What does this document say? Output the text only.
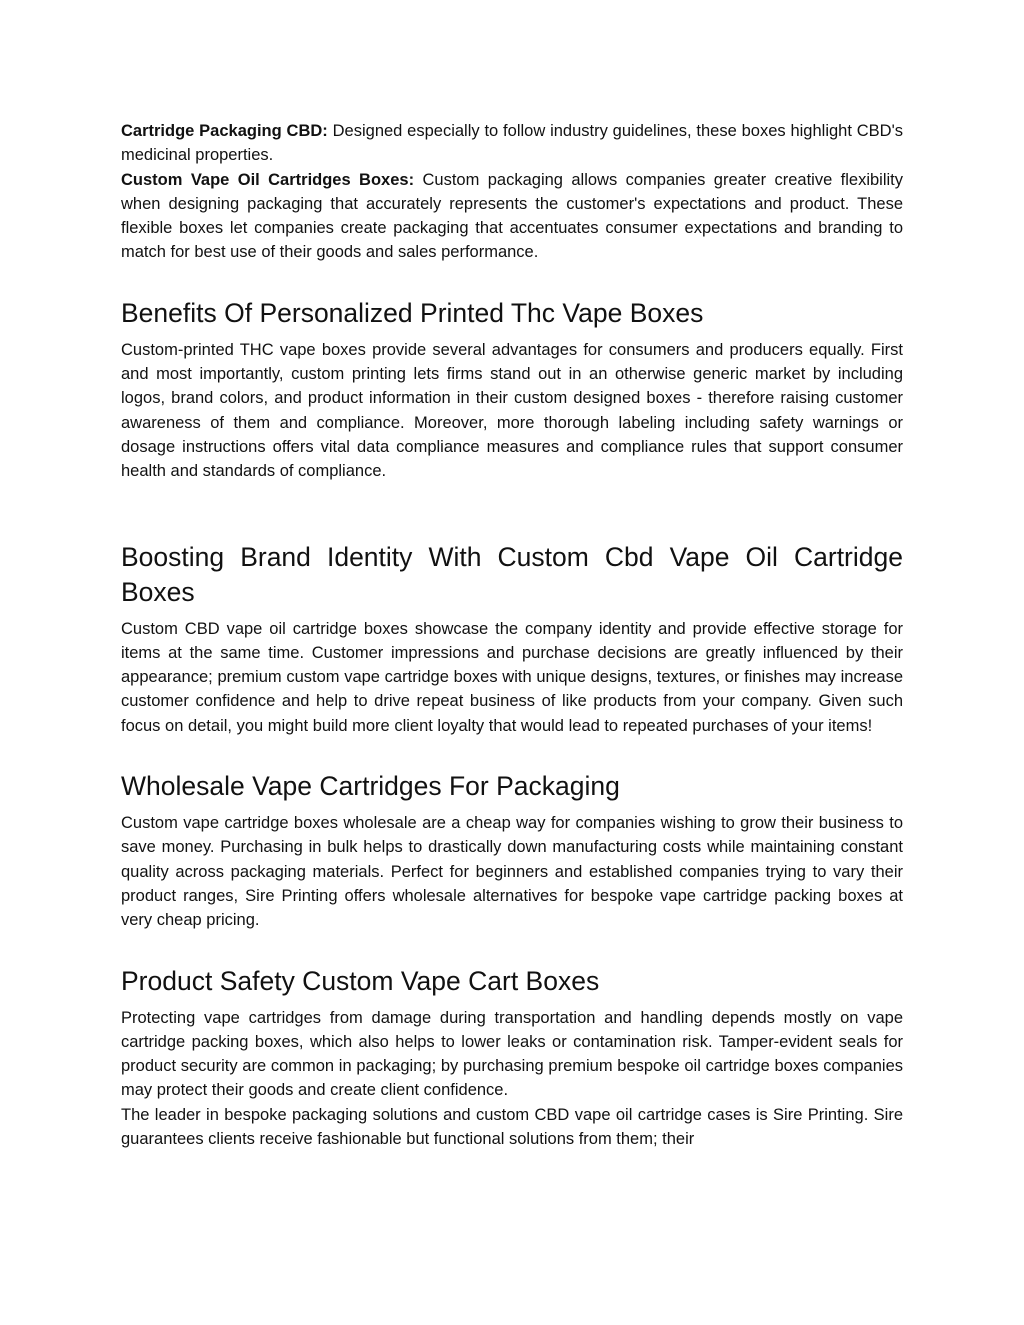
Cartridge Packaging CBD: Designed especially to follow industry guidelines, these boxes highlight CBD's medicinal properties.

Custom Vape Oil Cartridges Boxes: Custom packaging allows companies greater creative flexibility when designing packaging that accurately represents the customer's expectations and product. These flexible boxes let companies create packaging that accentuates consumer expectations and branding to match for best use of their goods and sales performance.

Benefits Of Personalized Printed Thc Vape Boxes

Custom-printed THC vape boxes provide several advantages for consumers and producers equally. First and most importantly, custom printing lets firms stand out in an otherwise generic market by including logos, brand colors, and product information in their custom designed boxes - therefore raising customer awareness of them and compliance. Moreover, more thorough labeling including safety warnings or dosage instructions offers vital data compliance measures and compliance rules that support consumer health and standards of compliance.

Boosting Brand Identity With Custom Cbd Vape Oil Cartridge
Boxes

Custom CBD vape oil cartridge boxes showcase the company identity and provide effective storage for items at the same time. Customer impressions and purchase decisions are greatly influenced by their appearance; premium custom vape cartridge boxes with unique designs, textures, or finishes may increase customer confidence and help to drive repeat business of like products from your company. Given such focus on detail, you might build more client loyalty that would lead to repeated purchases of your items!

Wholesale Vape Cartridges For Packaging

Custom vape cartridge boxes wholesale are a cheap way for companies wishing to grow their business to save money. Purchasing in bulk helps to drastically down manufacturing costs while maintaining constant quality across packaging materials. Perfect for beginners and established companies trying to vary their product ranges, Sire Printing offers wholesale alternatives for bespoke vape cartridge packing boxes at very cheap pricing.

Product Safety Custom Vape Cart Boxes

Protecting vape cartridges from damage during transportation and handling depends mostly on vape cartridge packing boxes, which also helps to lower leaks or contamination risk. Tamper-evident seals for product security are common in packaging; by purchasing premium bespoke oil cartridge boxes companies may protect their goods and create client confidence.

The leader in bespoke packaging solutions and custom CBD vape oil cartridge cases is Sire Printing. Sire guarantees clients receive fashionable but functional solutions from them; their
